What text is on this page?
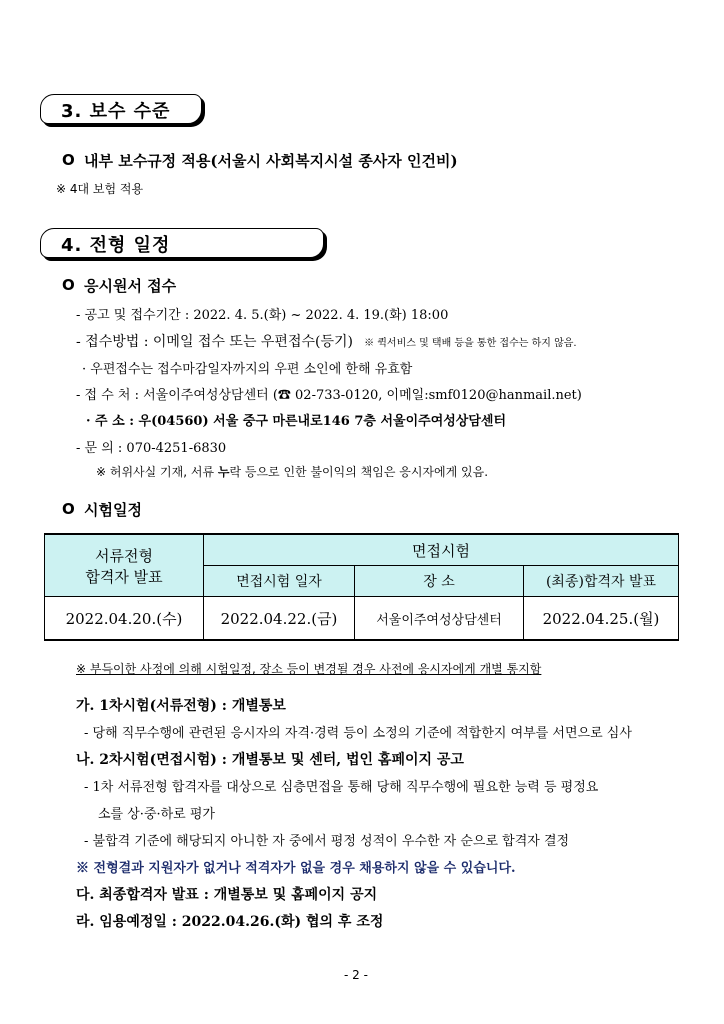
3. 보수 수준
O 내부 보수규정 적용(서울시 사회복지시설 종사자 인건비)
※ 4대 보험 적용
4. 전형 일정
O 응시원서 접수
- 공고 및 접수기간 : 2022. 4. 5.(화) ~ 2022. 4. 19.(화) 18:00
- 접수방법 : 이메일 접수 또는 우편접수(등기) ※ 퀵서비스 및 택배 등을 통한 접수는 하지 않음.
· 우편접수는 접수마감일자까지의 우편 소인에 한해 유효함
- 접 수 처 : 서울이주여성상담센터 (☎ 02-733-0120, 이메일:smf0120@hanmail.net)
· 주 소 : 우(04560) 서울 중구 마른내로146 7층 서울이주여성상담센터
- 문 의 : 070-4251-6830
※ 허위사실 기재, 서류 누락 등으로 인한 불이익의 책임은 응시자에게 있음.
O 시험일정
서류전형
합격자 발표	면접시험		
	면접시험 일자	장 소	(최종)합격자 발표
2022.04.20.(수)	2022.04.22.(금)	서울이주여성상담센터	2022.04.25.(월)
※ 부득이한 사정에 의해 시험일정, 장소 등이 변경될 경우 사전에 응시자에게 개별 통지함
가. 1차시험(서류전형) : 개별통보
- 당해 직무수행에 관련된 응시자의 자격·경력 등이 소정의 기준에 적합한지 여부를 서면으로 심사
나. 2차시험(면접시험) : 개별통보 및 센터, 법인 홈페이지 공고
- 1차 서류전형 합격자를 대상으로 심층면접을 통해 당해 직무수행에 필요한 능력 등 평정요
소를 상·중·하로 평가
- 불합격 기준에 해당되지 아니한 자 중에서 평정 성적이 우수한 자 순으로 합격자 결정
※ 전형결과 지원자가 없거나 적격자가 없을 경우 채용하지 않을 수 있습니다.
다. 최종합격자 발표 : 개별통보 및 홈페이지 공지
라. 임용예정일 : 2022.04.26.(화) 협의 후 조정
- 2 -
